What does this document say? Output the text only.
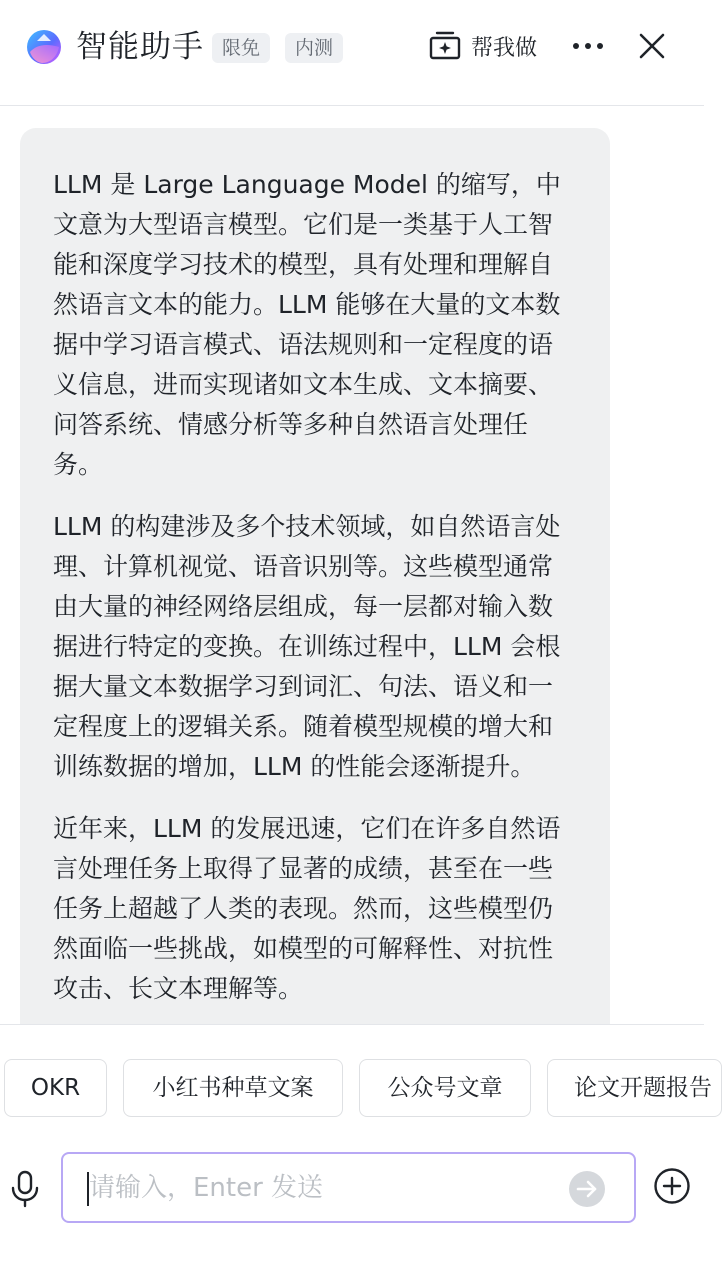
智能助手 限免	内测	帮我做

LLM 是 Large Language Model 的缩写，中文意为大型语言模型。它们是一类基于人工智能和深度学习技术的模型，具有处理和理解自然语言文本的能力。LLM 能够在大量的文本数据中学习语言模式、语法规则和一定程度的语义信息，进而实现诸如文本生成、文本摘要、问答系统、情感分析等多种自然语言处理任务。

LLM 的构建涉及多个技术领域，如自然语言处理、计算机视觉、语音识别等。这些模型通常由大量的神经网络层组成，每一层都对输入数据进行特定的变换。在训练过程中，LLM 会根据大量文本数据学习到词汇、句法、语义和一定程度上的逻辑关系。随着模型规模的增大和训练数据的增加，LLM 的性能会逐渐提升。

近年来，LLM 的发展迅速，它们在许多自然语言处理任务上取得了显著的成绩，甚至在一些任务上超越了人类的表现。然而，这些模型仍然面临一些挑战，如模型的可解释性、对抗性攻击、长文本理解等。

OKR	小红书种草文案	公众号文章	论文开题报告
请输入，Enter 发送
